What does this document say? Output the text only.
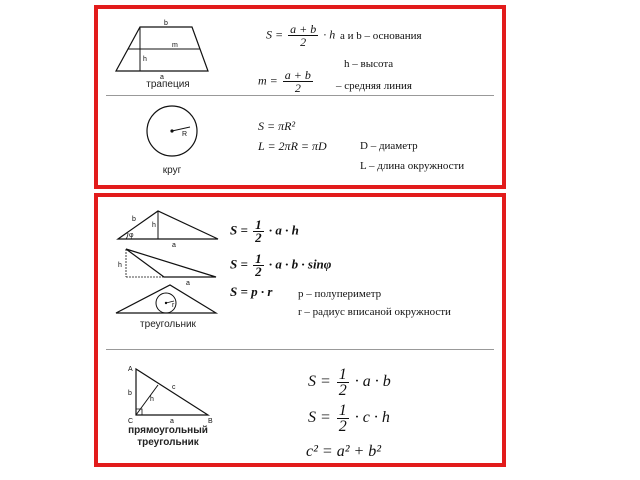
b
m
h
a
трапеция
$S = \frac{a + b}{2} \cdot h$ a и b – основания
h – высота
$m = \frac{a + b}{2}$ – средняя линия
R
круг
S = πR²
L = 2πR = πD	D – диаметр
L – длина окружности
b
h
φ
a
h
a
r
треугольник
$S = \frac{1}{2} \cdot a \cdot h$
$S = \frac{1}{2} \cdot a \cdot b \cdot \sin\varphi$
S = p · r p – полупериметр
r – радиус вписаной окружности
A
B
C
b
c
h
a
прямоугольный
треугольник
$S = \frac{1}{2} \cdot a \cdot b$
$S = \frac{1}{2} \cdot c \cdot h$
c² = a² + b²
